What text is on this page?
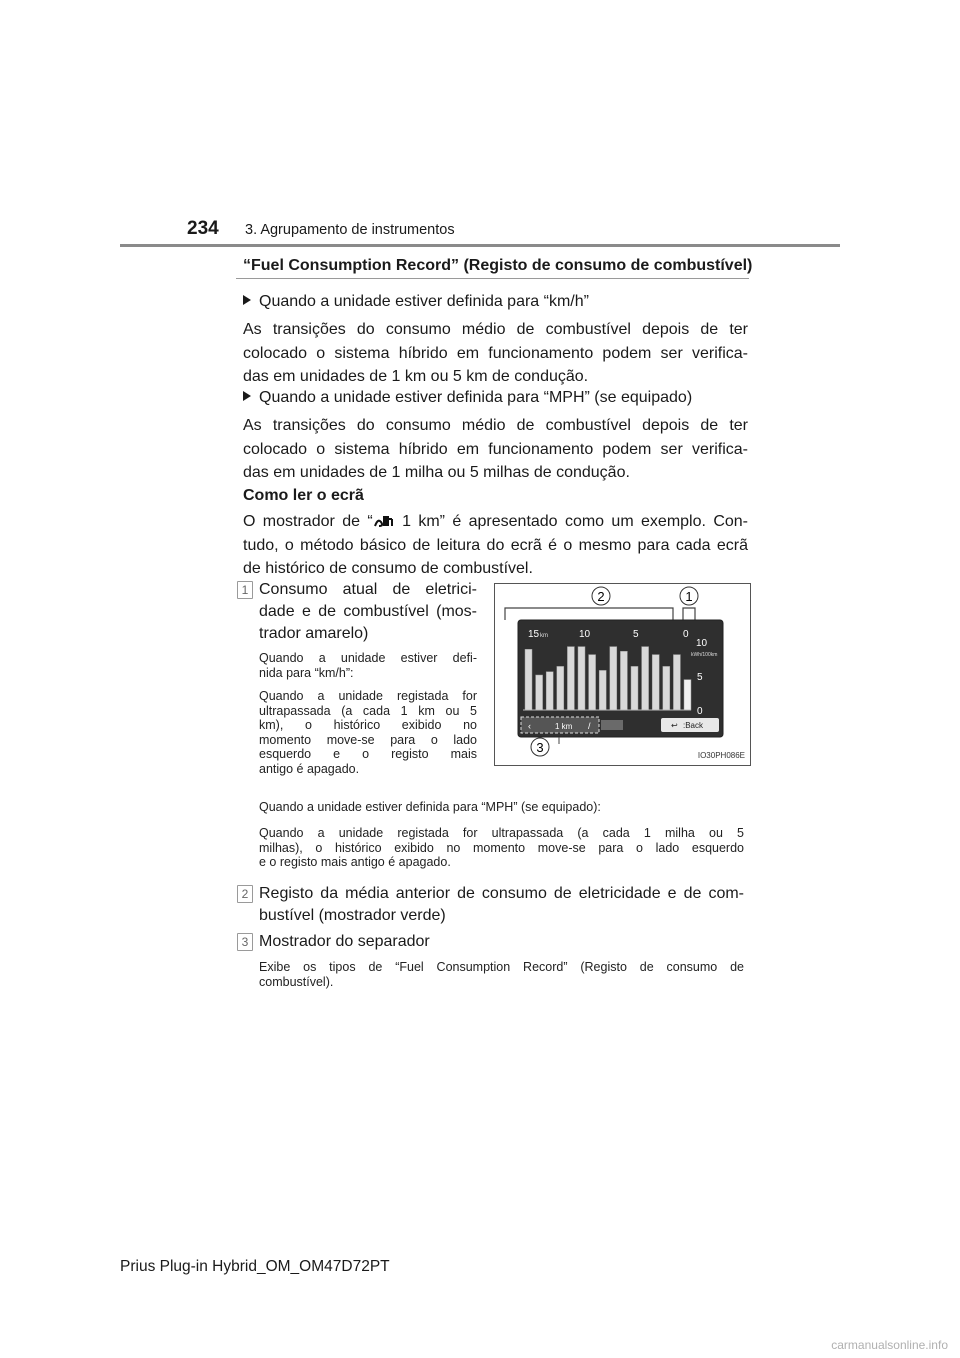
234 3. Agrupamento de instrumentos
“Fuel Consumption Record” (Registo de consumo de combustível)
Quando a unidade estiver definida para “km/h”
As transições do consumo médio de combustível depois de ter
colocado o sistema híbrido em funcionamento podem ser verifica-
das em unidades de 1 km ou 5 km de condução.
Quando a unidade estiver definida para “MPH” (se equipado)
As transições do consumo médio de combustível depois de ter
colocado o sistema híbrido em funcionamento podem ser verifica-
das em unidades de 1 milha ou 5 milhas de condução.
Como ler o ecrã
O mostrador de “ 1 km” é apresentado como um exemplo. Con-
tudo, o método básico de leitura do ecrã é o mesmo para cada ecrã
de histórico de consumo de combustível.
1 Consumo atual de eletrici-
dade e de combustível (mos-
trador amarelo)
Quando a unidade estiver defi-
nida para “km/h”:
Quando a unidade registada for
ultrapassada (a cada 1 km ou 5
km), o histórico exibido no
momento move-se para o lado
esquerdo e o registo mais
antigo é apagado.
Quando a unidade estiver definida para “MPH” (se equipado):
Quando a unidade registada for ultrapassada (a cada 1 milha ou 5
milhas), o histórico exibido no momento move-se para o lado esquerdo
e o registo mais antigo é apagado.
2	1
15 km	10	5	0
10
kWh/100km
5
0
‹	1 km /	↩ :Back
3
IO30PH086E
2 Registo da média anterior de consumo de eletricidade e de com-
bustível (mostrador verde)
3 Mostrador do separador
Exibe os tipos de “Fuel Consumption Record” (Registo de consumo de
combustível).
Prius Plug-in Hybrid_OM_OM47D72PT
carmanualsonline.info
